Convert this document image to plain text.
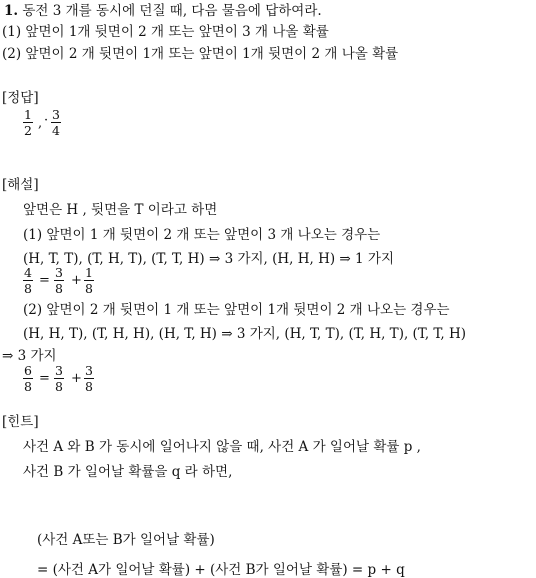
1. 동전 3 개를 동시에 던질 때, 다음 물음에 답하여라.
(1) 앞면이 1개 뒷면이 2 개 또는 앞면이 3 개 나올 확률
(2) 앞면이 2 개 뒷면이 1개 또는 앞면이 1개 뒷면이 2 개 나올 확률
[정답]
1
2 , · 3
4
[해설]
앞면은 H , 뒷면을 T 이라고 하면
(1) 앞면이 1 개 뒷면이 2 개 또는 앞면이 3 개 나오는 경우는
(H, T, T), (T, H, T), (T, T, H) ⇒ 3 가지, (H, H, H) ⇒ 1 가지
4
8
=
3
8
+
1
8
(2) 앞면이 2 개 뒷면이 1 개 또는 앞면이 1개 뒷면이 2 개 나오는 경우는
(H, H, T), (T, H, H), (H, T, H) ⇒ 3 가지, (H, T, T), (T, H, T), (T, T, H)
⇒ 3 가지
6
8
=
3
8
+
3
8
[힌트]
사건 A 와 B 가 동시에 일어나지 않을 때, 사건 A 가 일어날 확률 p ,
사건 B 가 일어날 확률을 q 라 하면,
(사건 A또는 B가 일어날 확률)
= (사건 A가 일어날 확률) + (사건 B가 일어날 확률) = p + q
